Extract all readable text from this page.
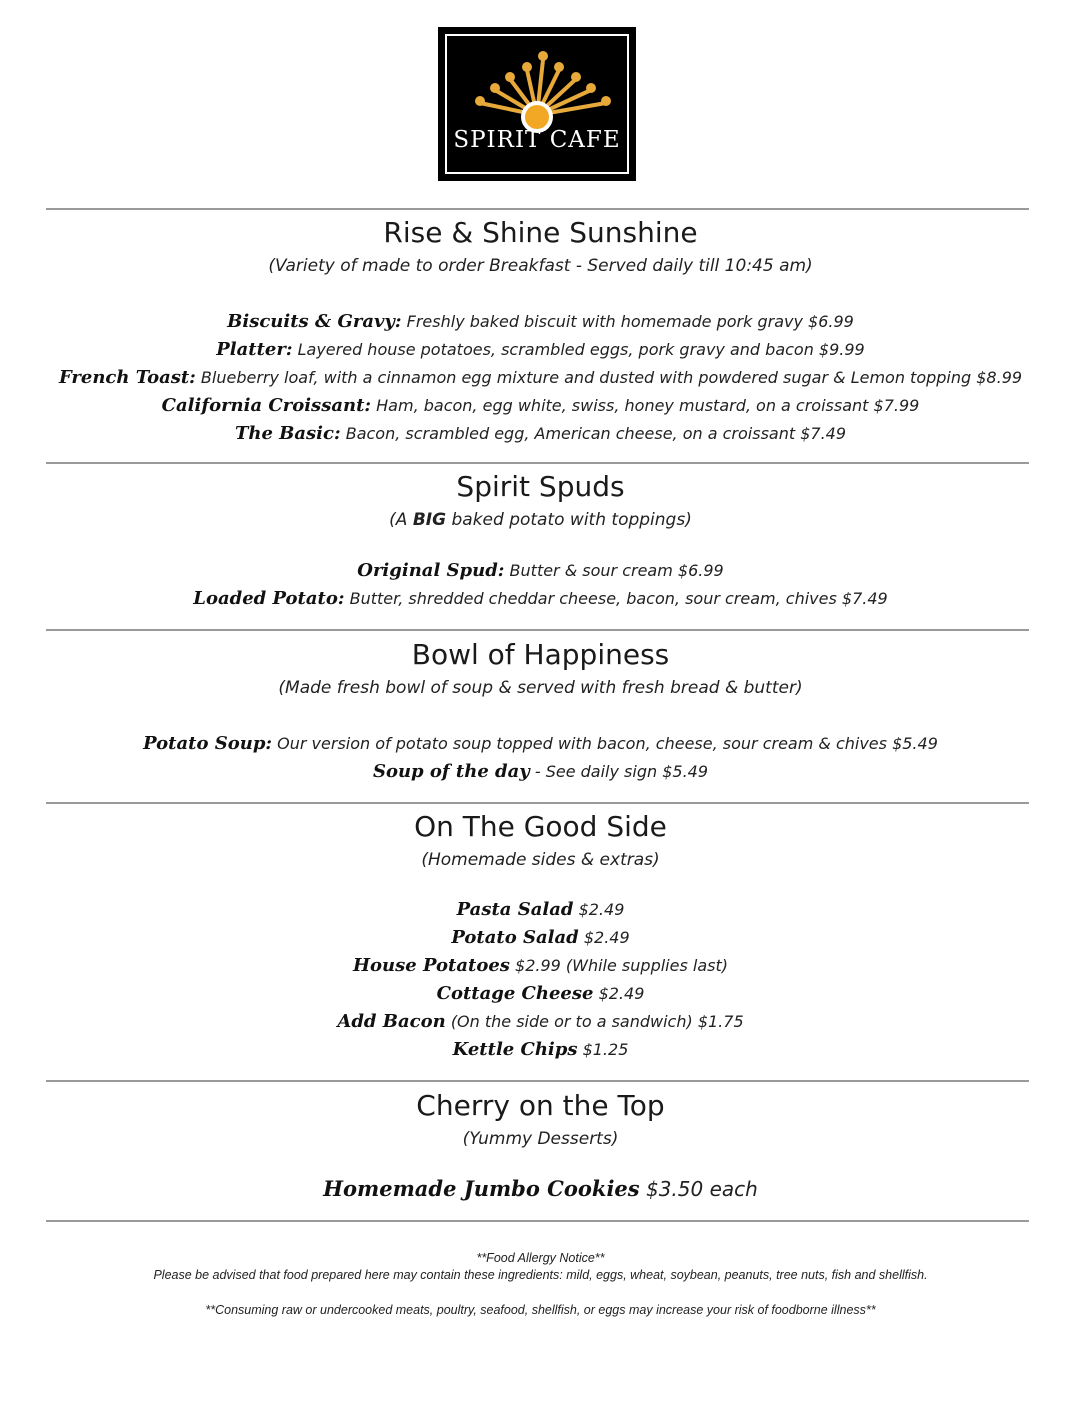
SPIRIT CAFE
Rise & Shine Sunshine
(Variety of made to order Breakfast - Served daily till 10:45 am)
Biscuits & Gravy: Freshly baked biscuit with homemade pork gravy $6.99
Platter: Layered house potatoes, scrambled eggs, pork gravy and bacon $9.99
French Toast: Blueberry loaf, with a cinnamon egg mixture and dusted with powdered sugar & Lemon topping $8.99
California Croissant: Ham, bacon, egg white, swiss, honey mustard, on a croissant $7.99
The Basic: Bacon, scrambled egg, American cheese, on a croissant $7.49
Spirit Spuds
(A BIG baked potato with toppings)
Original Spud: Butter & sour cream $6.99
Loaded Potato: Butter, shredded cheddar cheese, bacon, sour cream, chives $7.49
Bowl of Happiness
(Made fresh bowl of soup & served with fresh bread & butter)
Potato Soup: Our version of potato soup topped with bacon, cheese, sour cream & chives $5.49
Soup of the day - See daily sign $5.49
On The Good Side
(Homemade sides & extras)
Pasta Salad $2.49
Potato Salad $2.49
House Potatoes $2.99 (While supplies last)
Cottage Cheese $2.49
Add Bacon (On the side or to a sandwich) $1.75
Kettle Chips $1.25
Cherry on the Top
(Yummy Desserts)
Homemade Jumbo Cookies $3.50 each
**Food Allergy Notice**
Please be advised that food prepared here may contain these ingredients: mild, eggs, wheat, soybean, peanuts, tree nuts, fish and shellfish.
**Consuming raw or undercooked meats, poultry, seafood, shellfish, or eggs may increase your risk of foodborne illness**
